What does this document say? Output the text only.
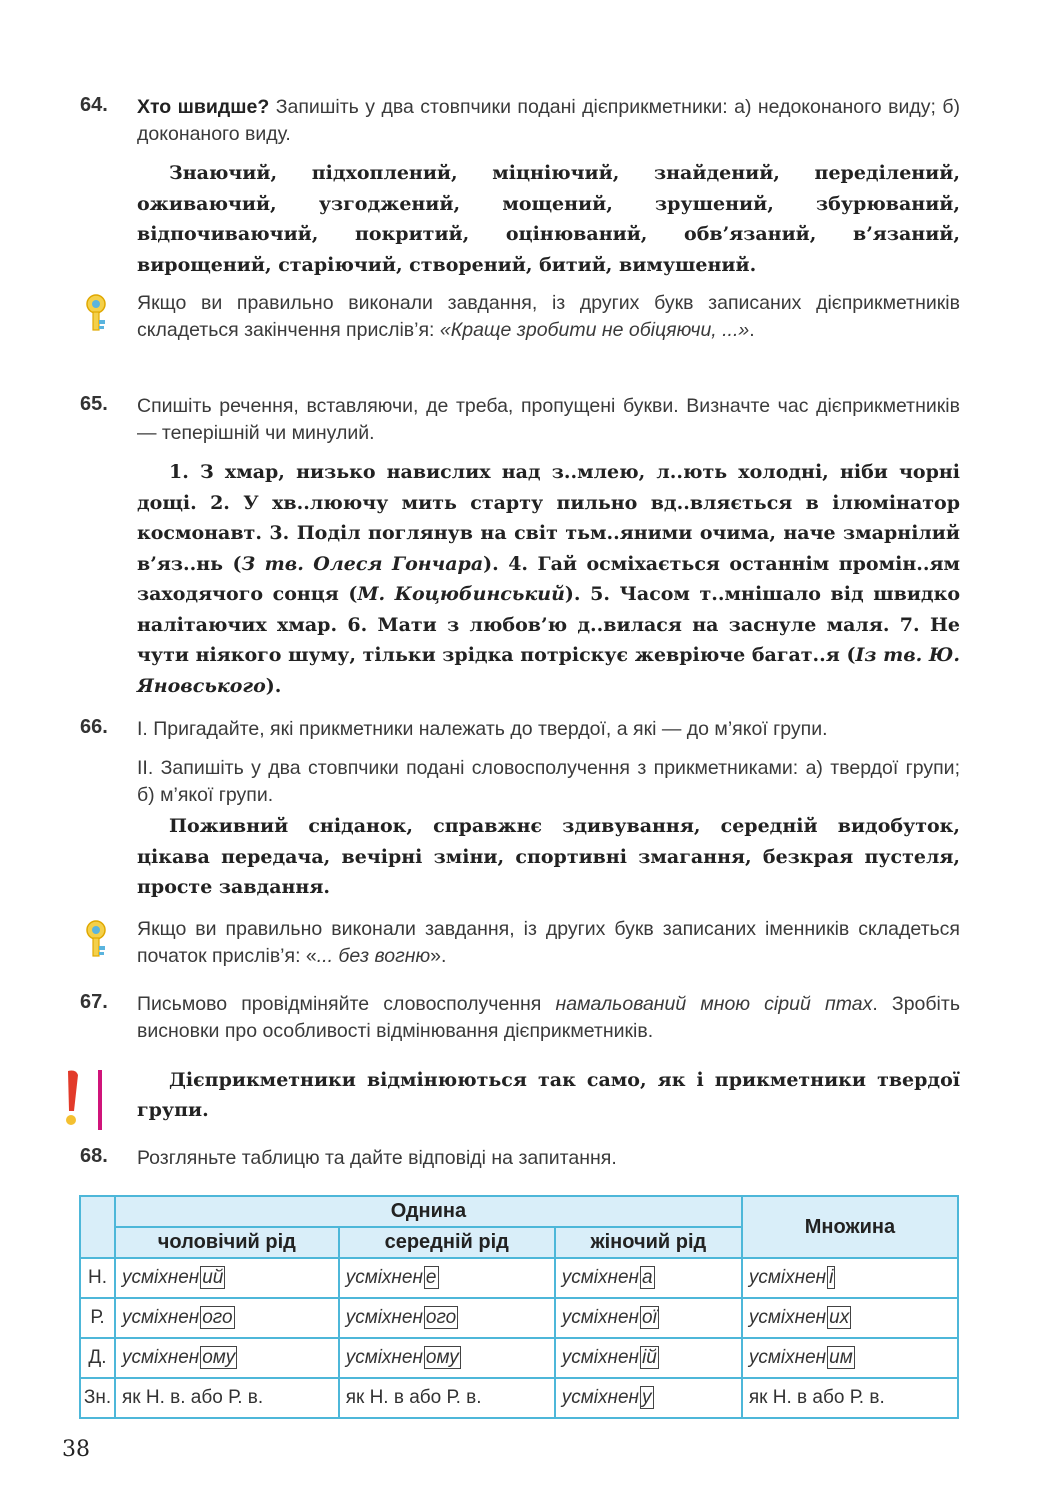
64. Хто швидше? Запишіть у два стовпчики подані дієприкметники: а) недоконаного виду; б) доконаного виду.
Знаючий, підхоплений, міцніючий, знайдений, переділений, оживаючий, узгоджений, мощений, зрушений, збурюваний, відпочиваючий, покритий, оцінюваний, обв’язаний, в’язаний, вирощений, старіючий, створений, битий, вимушений.
Якщо ви правильно виконали завдання, із других букв записаних дієприкметників складеться закінчення прислів’я: «Краще зробити не обіцяючи, ...».
65. Спишіть речення, вставляючи, де треба, пропущені букви. Визначте час дієприкметників — теперішній чи минулий.
1. З хмар, низько навислих над з..млею, л..ють холодні, ніби чорні дощі. 2. У хв..люючу мить старту пильно вд..вляється в ілюмінатор космонавт. 3. Поділ поглянув на світ тьм..яними очима, наче змарнілий в’яз..нь (З тв. Олеся Гончара). 4. Гай осміхається останнім промін..ям заходячого сонця (М. Коцюбинський). 5. Часом т..мнішало від швидко налітаючих хмар. 6. Мати з любов’ю д..вилася на заснуле маля. 7. Не чути ніякого шуму, тільки зрідка потріскує жевріюче багат..я (Із тв. Ю. Яновського).
66. І. Пригадайте, які прикметники належать до твердої, а які — до м’якої групи.
ІІ. Запишіть у два стовпчики подані словосполучення з прикметниками: а) твердої групи; б) м’якої групи.
Поживний сніданок, справжнє здивування, середній видобуток, цікава передача, вечірні зміни, спортивні змагання, безкрая пустеля, просте завдання.
Якщо ви правильно виконали завдання, із других букв записаних іменників складеться початок прислів’я: «... без вогню».
67. Письмово провідміняйте словосполучення намальований мною сірий птах. Зробіть висновки про особливості відмінювання дієприкметників.
Дієприкметники відмінюються так само, як і прикметники твердої групи.
68. Розгляньте таблицю та дайте відповіді на запитання.
	Однина			Множина
	чоловічий рід	середній рід	жіночий рід	
Н.	усміхнен ий	усміхнен е	усміхнен а	усміхнен і
Р.	усміхнен ого	усміхнен ого	усміхнен ої	усміхнен их
Д.	усміхнен ому	усміхнен ому	усміхнен ій	усміхнен им
Зн.	як Н. в. або Р. в.	як Н. в або Р. в.	усміхнен у	як Н. в або Р. в.
38
